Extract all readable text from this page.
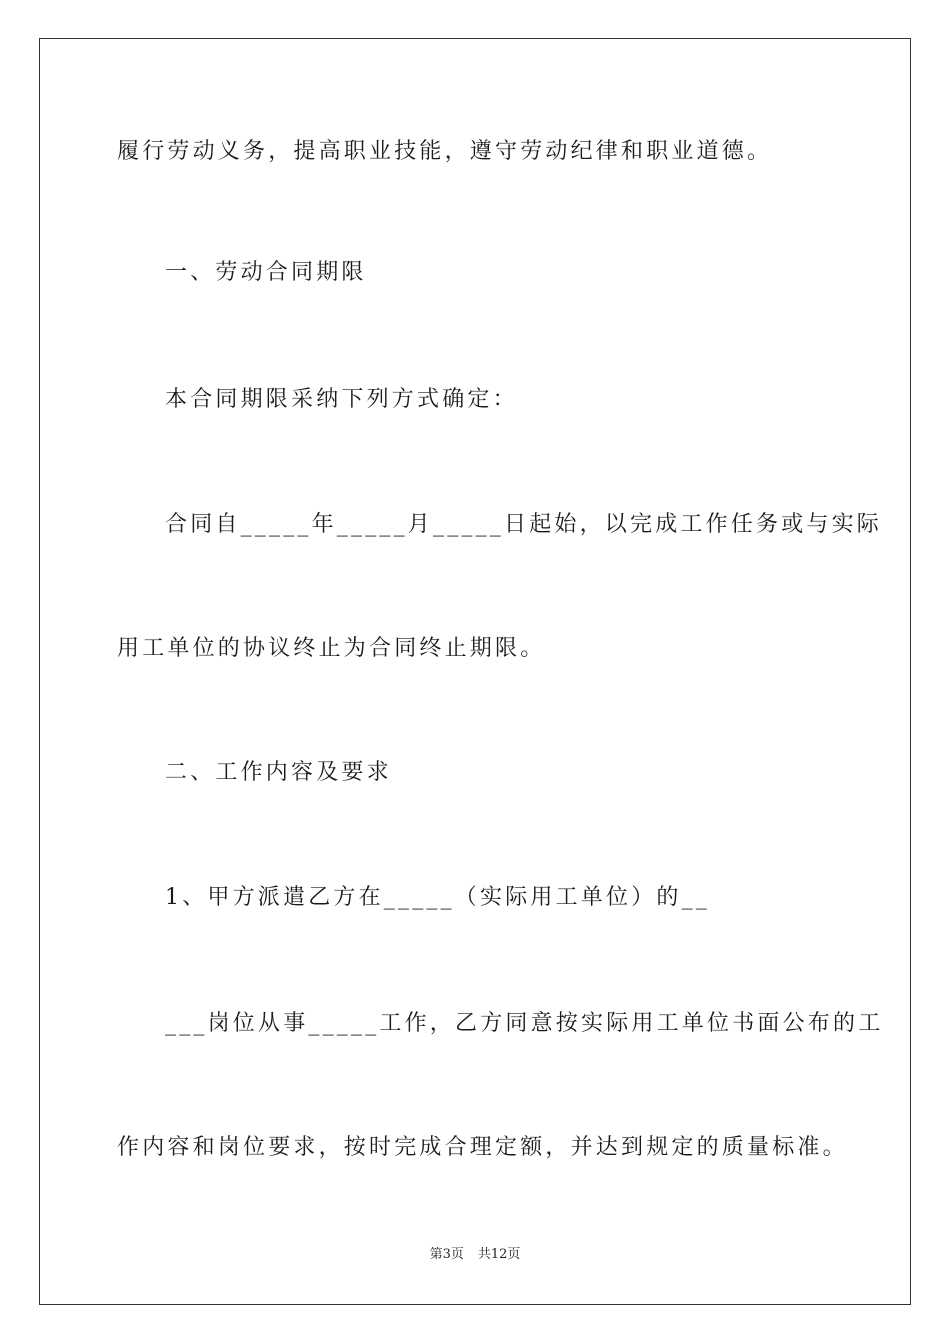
履行劳动义务，提高职业技能，遵守劳动纪律和职业道德。
一、劳动合同期限
本合同期限采纳下列方式确定：
合同自_____年_____月_____日起始，以完成工作任务或与实际
用工单位的协议终止为合同终止期限。
二、工作内容及要求
1、甲方派遣乙方在_____（实际用工单位）的__
___岗位从事_____工作，乙方同意按实际用工单位书面公布的工
作内容和岗位要求，按时完成合理定额，并达到规定的质量标准。
第3页 共12页
